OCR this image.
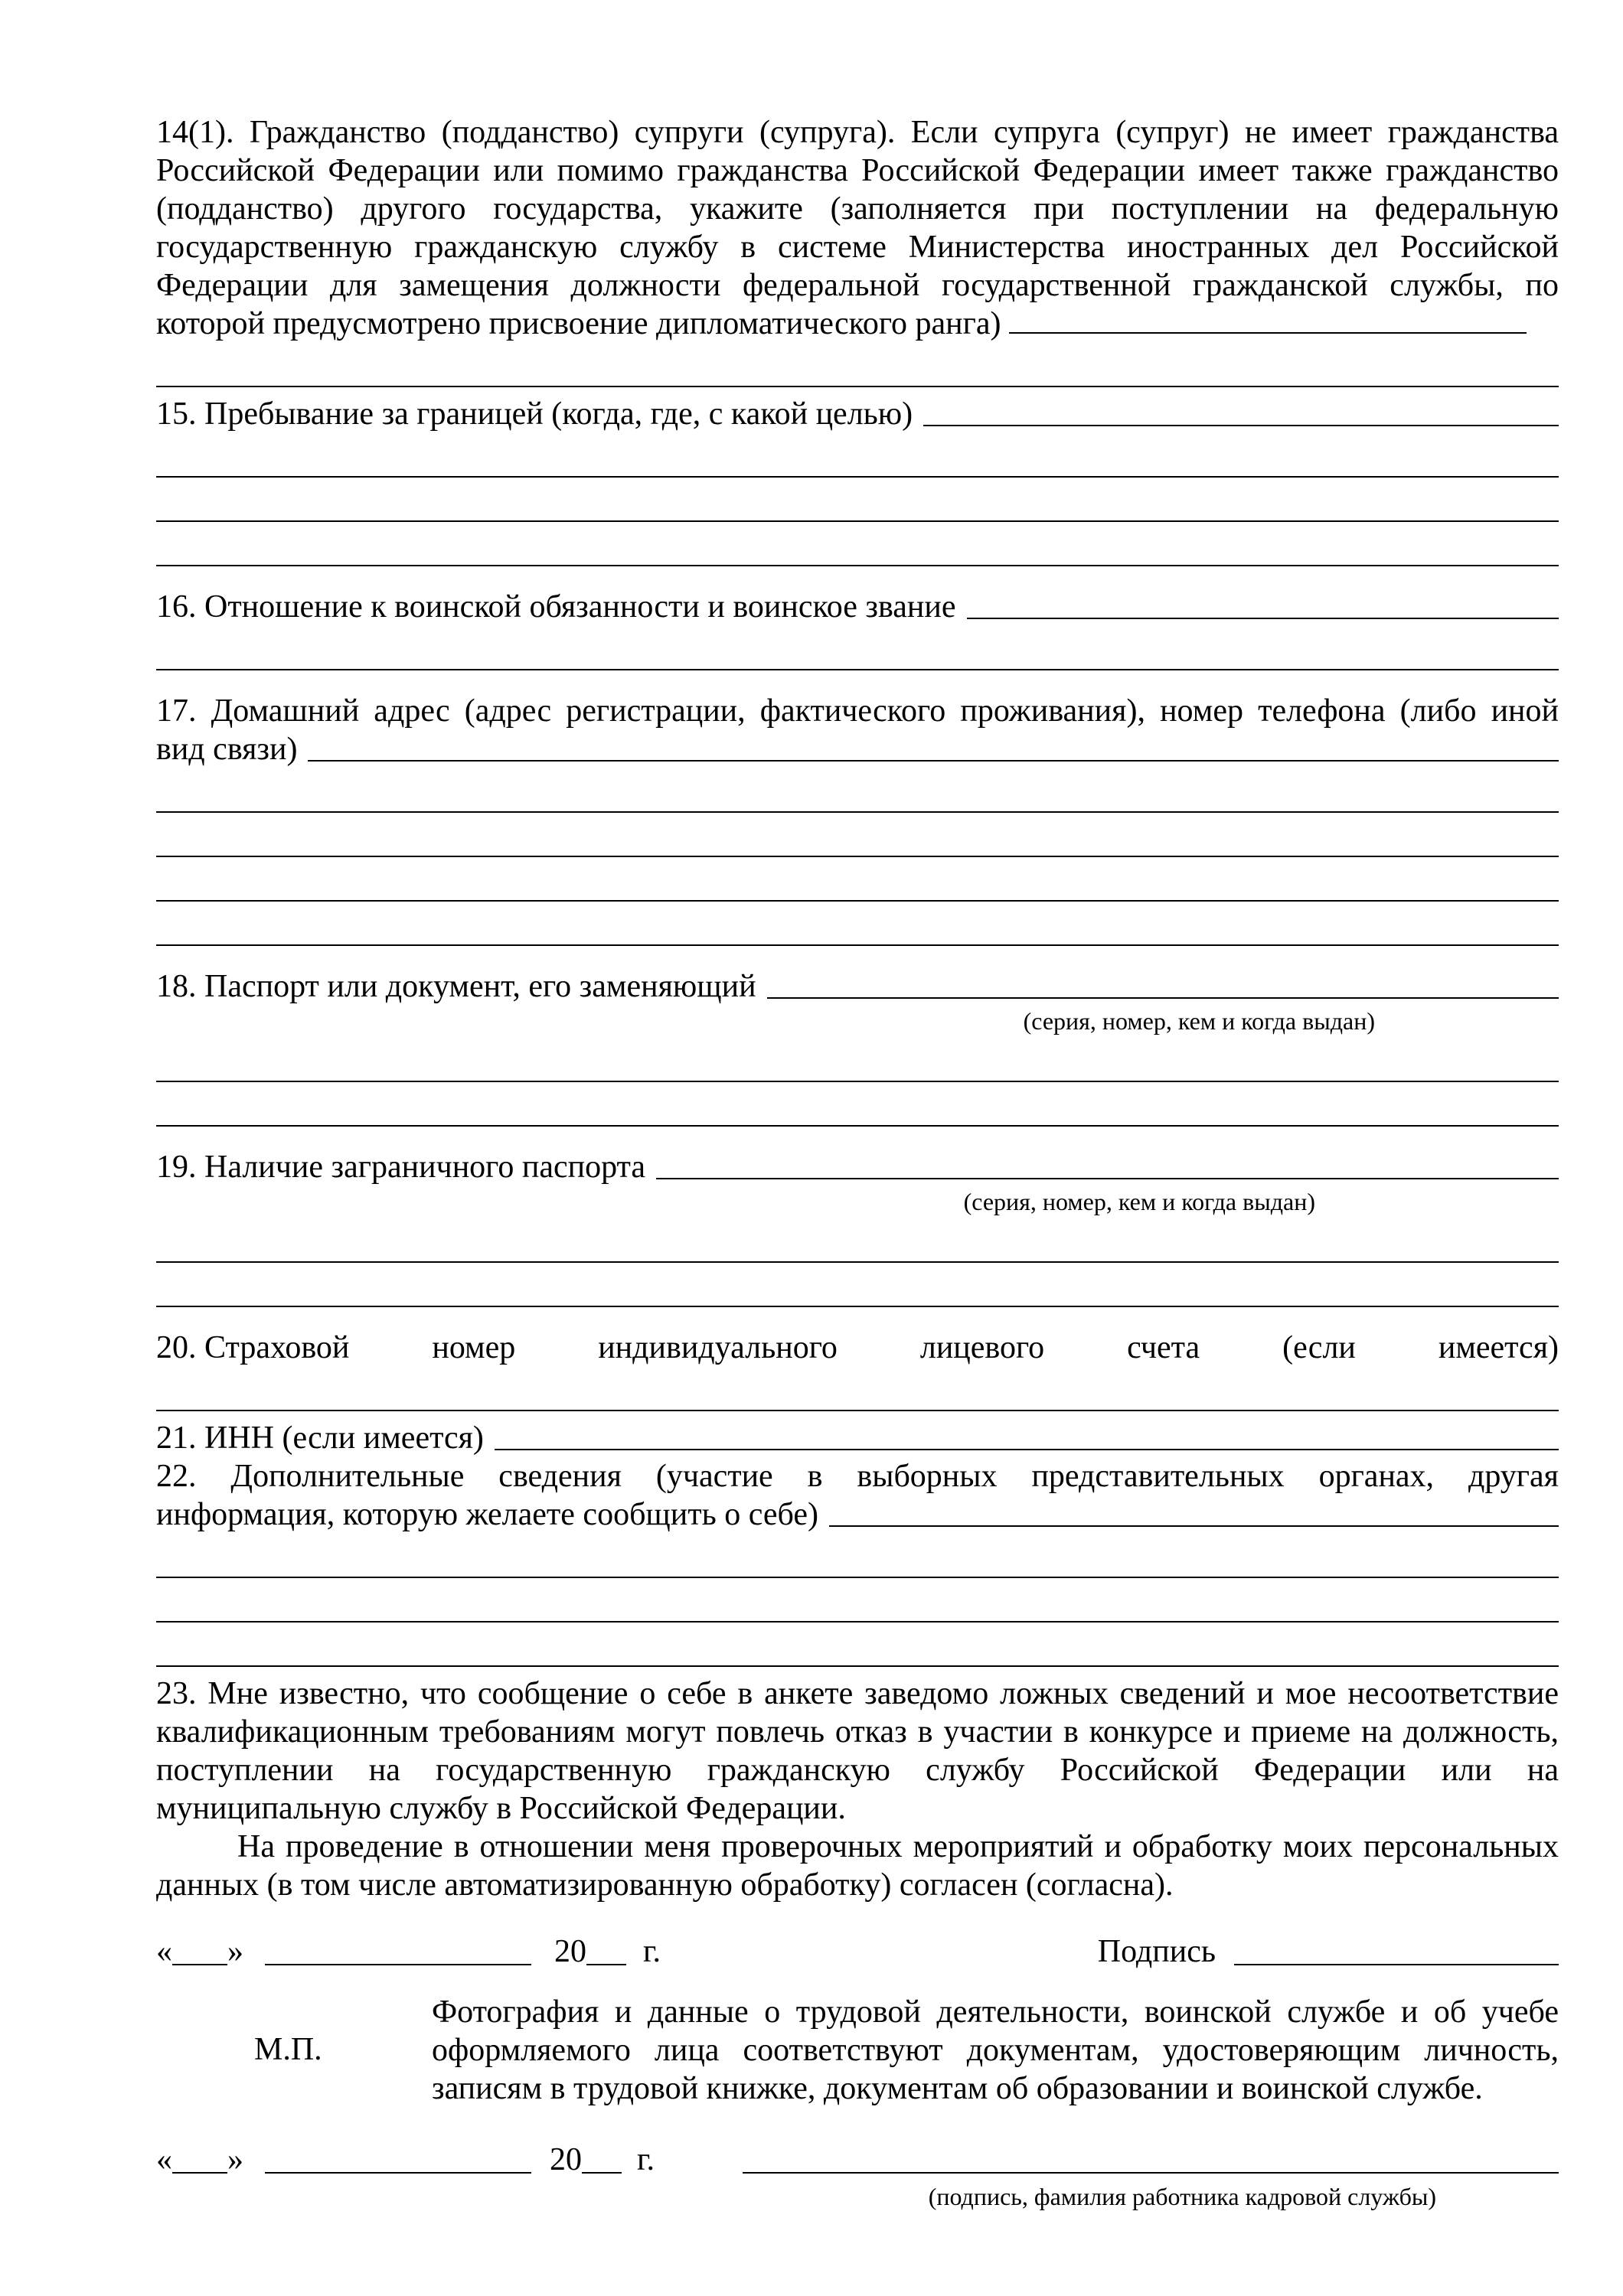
14(1). Гражданство (подданство) супруги (супруга). Если супруга (супруг) не имеет гражданства Российской Федерации или помимо гражданства Российской Федерации имеет также гражданство (подданство) другого государства, укажите (заполняется при поступлении на федеральную государственную гражданскую службу в системе Министерства иностранных дел Российской Федерации для замещения должности федеральной государственной гражданской службы, по которой предусмотрено присвоение дипломатического ранга)

15. Пребывание за границей (когда, где, с какой целью)
16. Отношение к воинской обязанности и воинское звание
17. Домашний адрес (адрес регистрации, фактического проживания), номер телефона (либо иной
вид связи)
18. Паспорт или документ, его заменяющий
(серия, номер, кем и когда выдан)
19. Наличие заграничного паспорта
(серия, номер, кем и когда выдан)
20. Страховой	номер	индивидуального	лицевого	счета	(если	имеется)
21. ИНН (если имеется)
22. Дополнительные сведения (участие в выборных представительных органах, другая
информация, которую желаете сообщить о себе)

23. Мне известно, что сообщение о себе в анкете заведомо ложных сведений и мое несоответствие квалификационным требованиям могут повлечь отказ в участии в конкурсе и приеме на должность, поступлении на государственную гражданскую службу Российской Федерации или на муниципальную службу в Российской Федерации.

На проведение в отношении меня проверочных мероприятий и обработку моих персональных данных (в том числе автоматизированную обработку) согласен (согласна).

« »	20 г.	Подпись
М.П.
Фотография и данные о трудовой деятельности, воинской службе и об учебе оформляемого лица соответствуют документам, удостоверяющим личность, записям в трудовой книжке, документам об образовании и воинской службе.
« »	20 г.
(подпись, фамилия работника кадровой службы)
